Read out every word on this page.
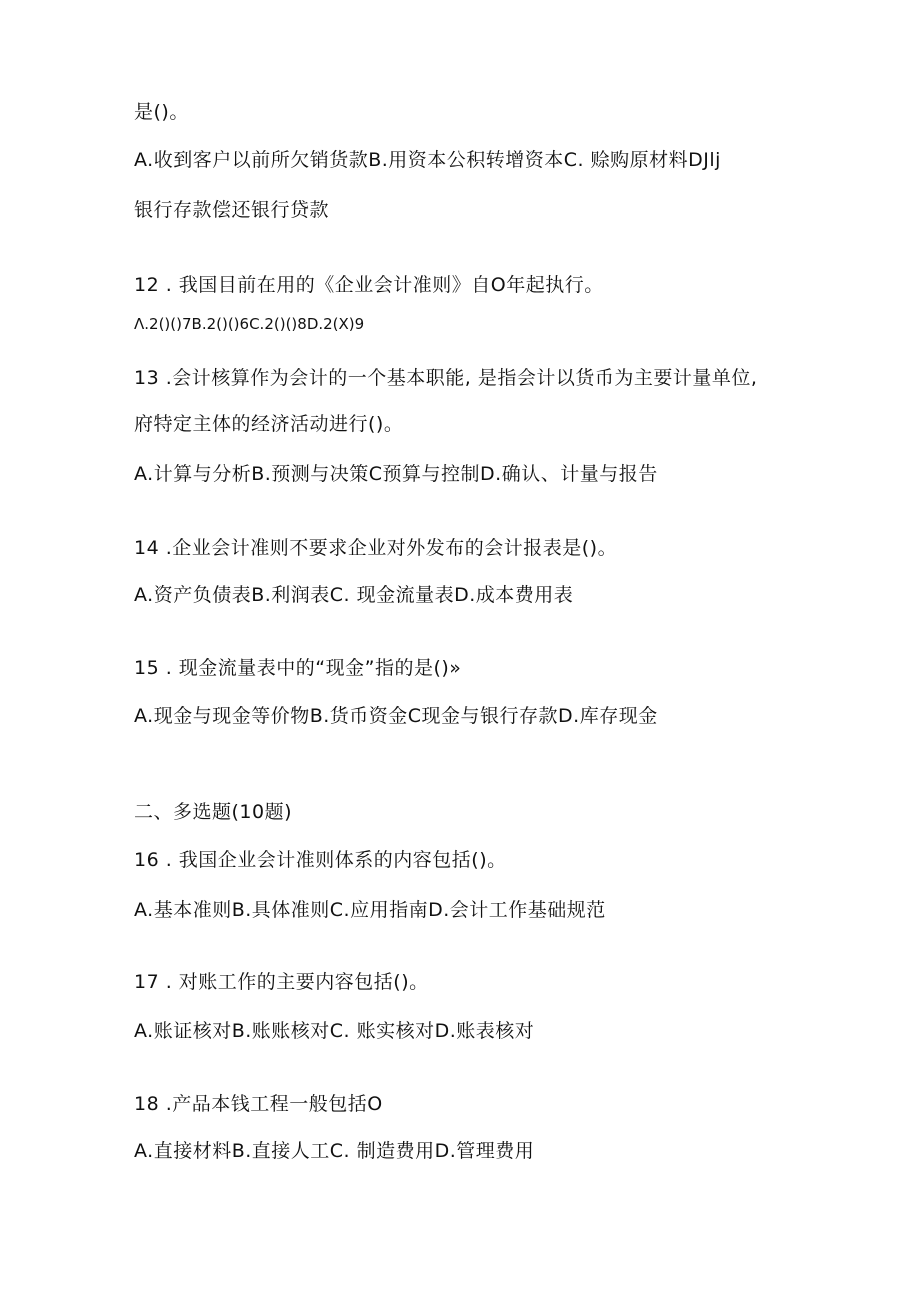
是()。
A.收到客户以前所欠销货款B.用资本公积转增资本C. 赊购原材料DJlj
银行存款偿还银行贷款
12 . 我国目前在用的《企业会计准则》自O年起执行。
Λ.2()()7B.2()()6C.2()()8D.2(X)9
13 .会计核算作为会计的一个基本职能, 是指会计以货币为主要计量单位,
府特定主体的经济活动进行()。
A.计算与分析B.预测与决策C预算与控制D.确认、计量与报告
14 .企业会计准则不要求企业对外发布的会计报表是()。
A.资产负债表B.利润表C. 现金流量表D.成本费用表
15 . 现金流量表中的“现金”指的是()»
A.现金与现金等价物B.货币资金C现金与银行存款D.库存现金
二、多选题(10题)
16 . 我国企业会计准则体系的内容包括()。
A.基本准则B.具体准则C.应用指南D.会计工作基础规范
17 . 对账工作的主要内容包括()。
A.账证核对B.账账核对C. 账实核对D.账表核对
18 .产品本钱工程一般包括O
A.直接材料B.直接人工C. 制造费用D.管理费用
